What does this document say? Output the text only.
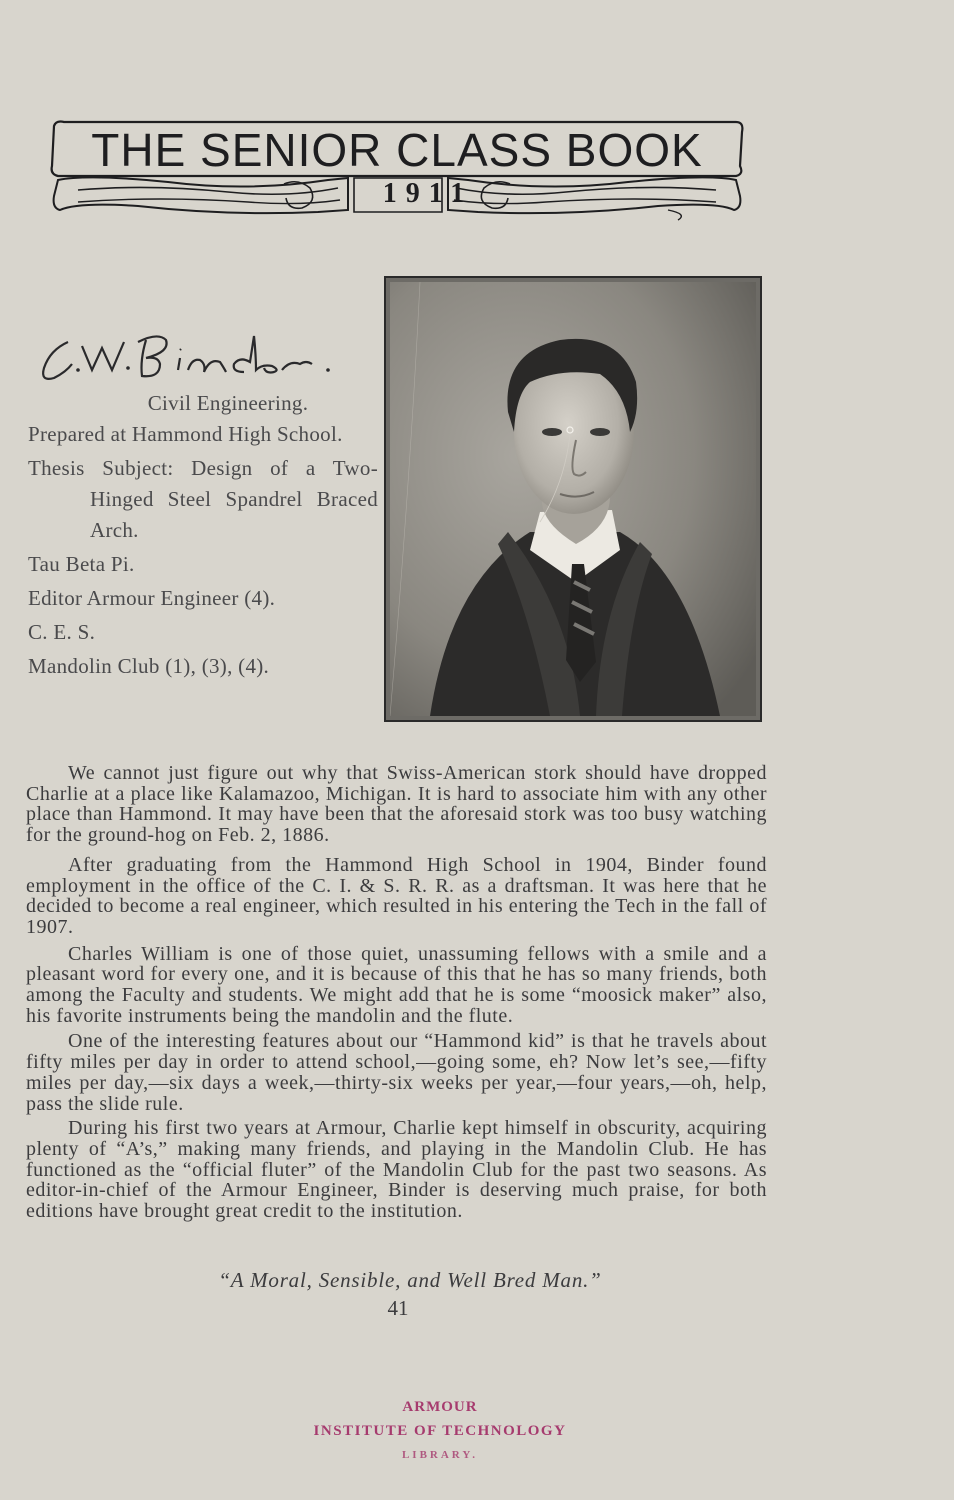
THE SENIOR CLASS BOOK
1911

Civil Engineering.

Prepared at Hammond High School.

Thesis Subject: Design of a Two-Hinged Steel Spandrel Braced Arch.

Tau Beta Pi.

Editor Armour Engineer (4).

C. E. S.

Mandolin Club (1), (3), (4).

We cannot just figure out why that Swiss-American stork should have dropped Charlie at a place like Kalamazoo, Michigan. It is hard to associate him with any other place than Hammond. It may have been that the aforesaid stork was too busy watching for the ground-hog on Feb. 2, 1886.

After graduating from the Hammond High School in 1904, Binder found employment in the office of the C. I. & S. R. R. as a draftsman. It was here that he decided to become a real engineer, which resulted in his entering the Tech in the fall of 1907.

Charles William is one of those quiet, unassuming fellows with a smile and a pleasant word for every one, and it is because of this that he has so many friends, both among the Faculty and students. We might add that he is some “moosick maker” also, his favorite instruments being the mandolin and the flute.

One of the interesting features about our “Hammond kid” is that he travels about fifty miles per day in order to attend school,—going some, eh? Now let’s see,—fifty miles per day,—six days a week,—thirty-six weeks per year,—four years,—oh, help, pass the slide rule.

During his first two years at Armour, Charlie kept himself in obscurity, acquiring plenty of “A’s,” making many friends, and playing in the Mandolin Club. He has functioned as the “official fluter” of the Mandolin Club for the past two seasons. As editor-in-chief of the Armour Engineer, Binder is deserving much praise, for both editions have brought great credit to the institution.

“A Moral, Sensible, and Well Bred Man.”
41
ARMOUR
INSTITUTE OF TECHNOLOGY
LIBRARY.
